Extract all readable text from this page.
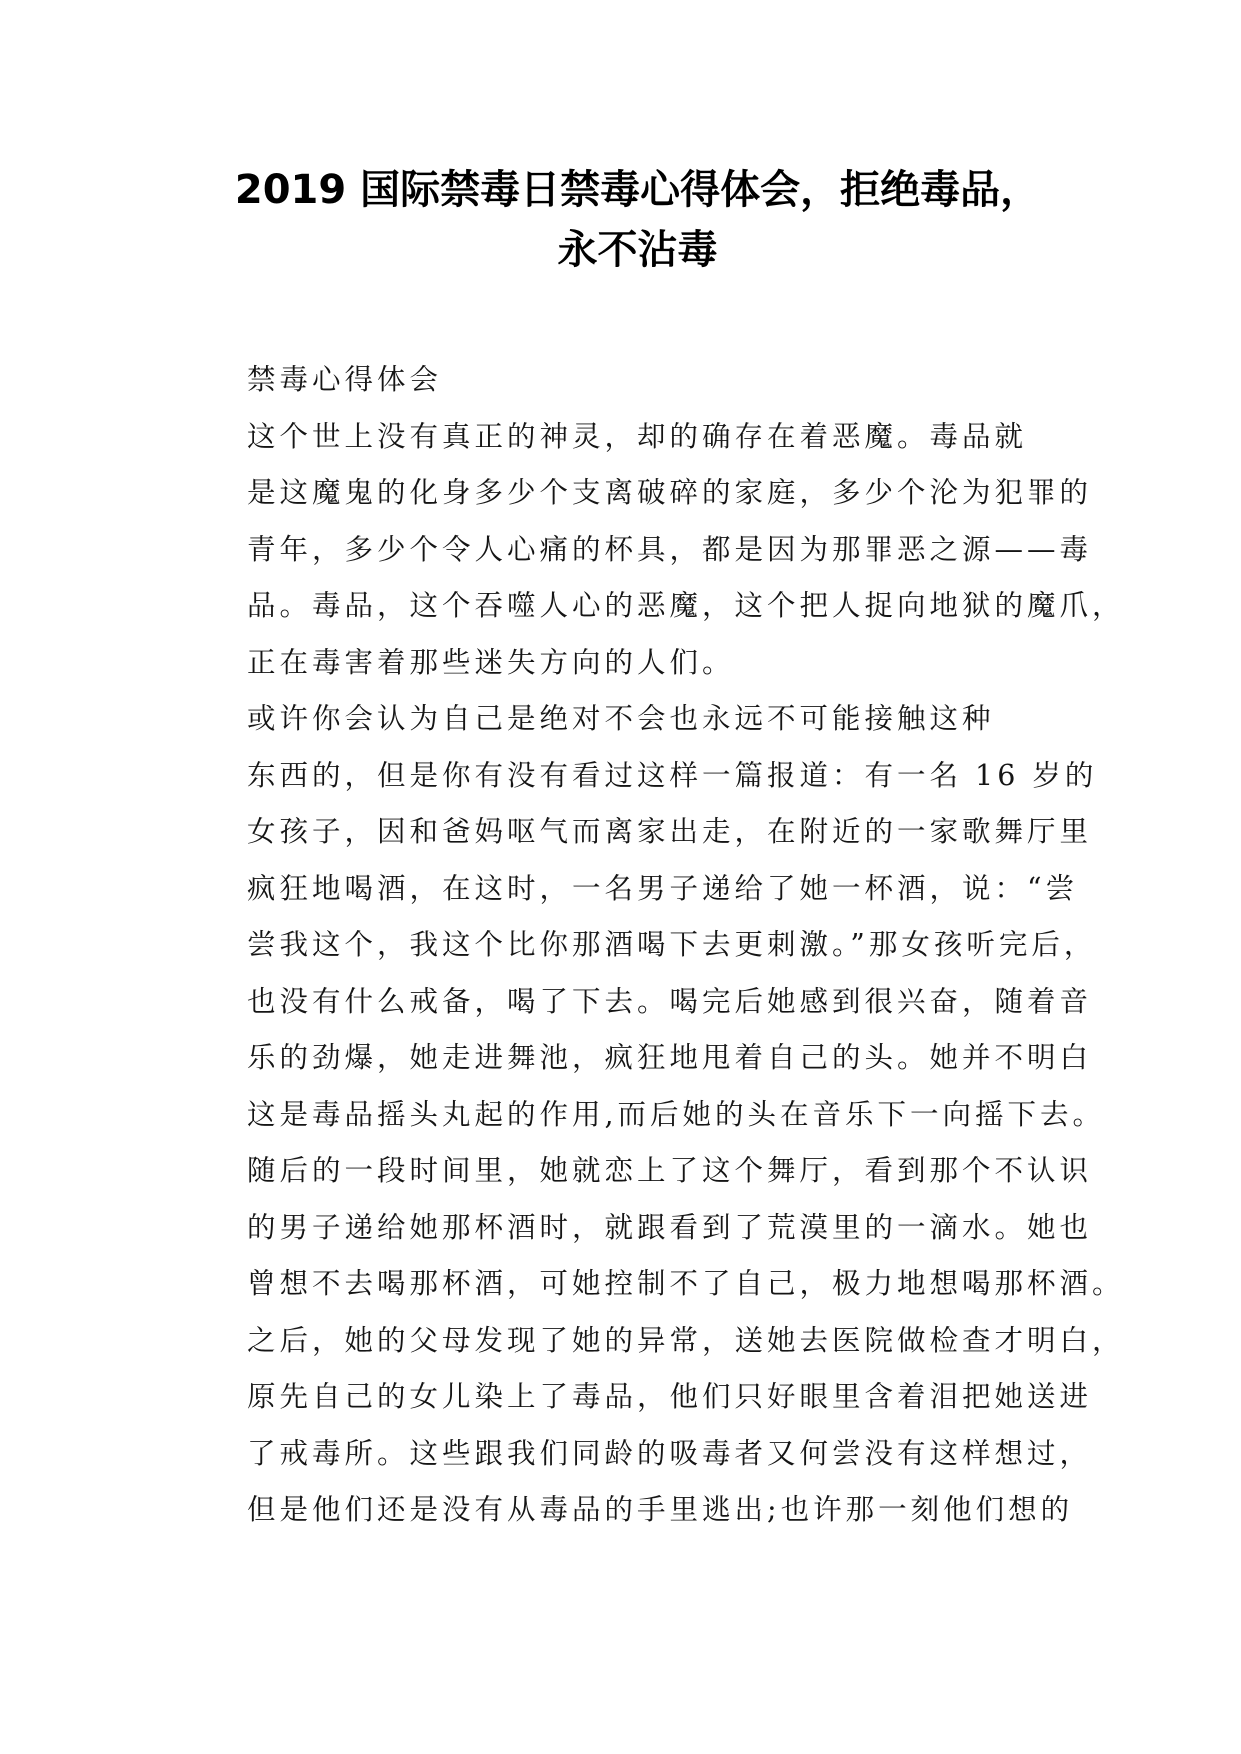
2019 国际禁毒日禁毒心得体会，拒绝毒品，
永不沾毒

禁毒心得体会

这个世上没有真正的神灵，却的确存在着恶魔。毒品就
是这魔鬼的化身多少个支离破碎的家庭，多少个沦为犯罪的
青年，多少个令人心痛的杯具，都是因为那罪恶之源——毒
品。毒品，这个吞噬人心的恶魔，这个把人捉向地狱的魔爪，
正在毒害着那些迷失方向的人们。

或许你会认为自己是绝对不会也永远不可能接触这种
东西的，但是你有没有看过这样一篇报道：有一名 16 岁的
女孩子，因和爸妈呕气而离家出走，在附近的一家歌舞厅里
疯狂地喝酒，在这时，一名男子递给了她一杯酒，说：“尝
尝我这个，我这个比你那酒喝下去更刺激。”那女孩听完后，
也没有什么戒备，喝了下去。喝完后她感到很兴奋，随着音
乐的劲爆，她走进舞池，疯狂地甩着自己的头。她并不明白
这是毒品摇头丸起的作用,而后她的头在音乐下一向摇下去。
随后的一段时间里，她就恋上了这个舞厅，看到那个不认识
的男子递给她那杯酒时，就跟看到了荒漠里的一滴水。她也
曾想不去喝那杯酒，可她控制不了自己，极力地想喝那杯酒。
之后，她的父母发现了她的异常，送她去医院做检查才明白，
原先自己的女儿染上了毒品，他们只好眼里含着泪把她送进
了戒毒所。这些跟我们同龄的吸毒者又何尝没有这样想过，
但是他们还是没有从毒品的手里逃出;也许那一刻他们想的
